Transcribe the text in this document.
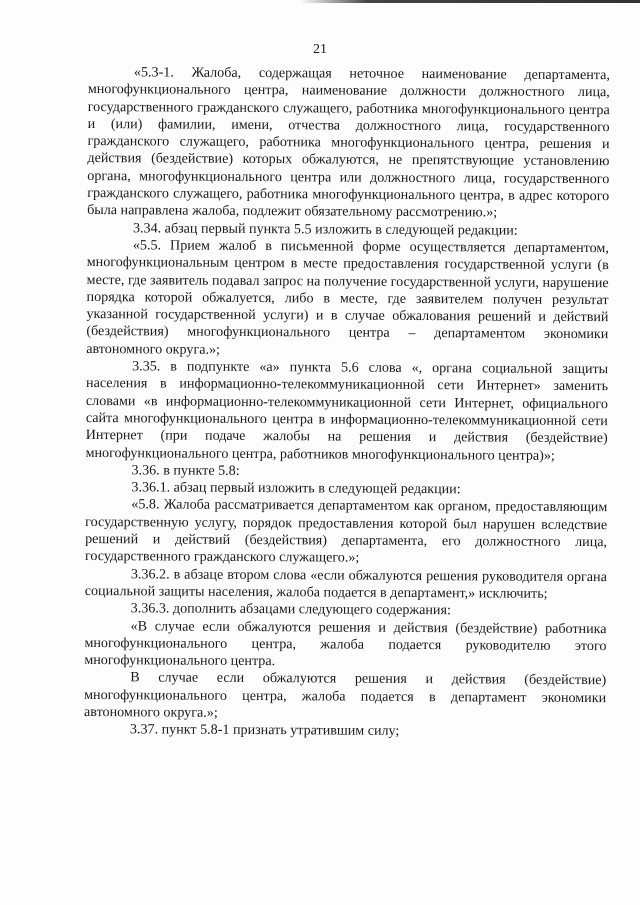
21

«5.3-1. Жалоба, содержащая неточное наименование департамента, многофункционального центра, наименование должности должностного лица, государственного гражданского служащего, работника многофункционального центра и (или) фамилии, имени, отчества должностного лица, государственного гражданского служащего, работника многофункционального центра, решения и действия (бездействие) которых обжалуются, не препятствующие установлению органа, многофункционального центра или должностного лица, государственного гражданского служащего, работника многофункционального центра, в адрес которого была направлена жалоба, подлежит обязательному рассмотрению.»;

3.34. абзац первый пункта 5.5 изложить в следующей редакции:

«5.5. Прием жалоб в письменной форме осуществляется департаментом, многофункциональным центром в месте предоставления государственной услуги (в месте, где заявитель подавал запрос на получение государственной услуги, нарушение порядка которой обжалуется, либо в месте, где заявителем получен результат указанной государственной услуги) и в случае обжалования решений и действий (бездействия) многофункционального центра – департаментом экономики автономного округа.»;

3.35. в подпункте «а» пункта 5.6 слова «, органа социальной защиты населения в информационно-телекоммуникационной сети Интернет» заменить словами «в информационно-телекоммуникационной сети Интернет, официального сайта многофункционального центра в информационно-телекоммуникационной сети Интернет (при подаче жалобы на решения и действия (бездействие) многофункционального центра, работников многофункционального центра)»;

3.36. в пункте 5.8:

3.36.1. абзац первый изложить в следующей редакции:

«5.8. Жалоба рассматривается департаментом как органом, предоставляющим государственную услугу, порядок предоставления которой был нарушен вследствие решений и действий (бездействия) департамента, его должностного лица, государственного гражданского служащего.»;

3.36.2. в абзаце втором слова «если обжалуются решения руководителя органа социальной защиты населения, жалоба подается в департамент,» исключить;

3.36.3. дополнить абзацами следующего содержания:

«В случае если обжалуются решения и действия (бездействие) работника многофункционального центра, жалоба подается руководителю этого многофункционального центра.

В случае если обжалуются решения и действия (бездействие) многофункционального центра, жалоба подается в департамент экономики автономного округа.»;

3.37. пункт 5.8-1 признать утратившим силу;
